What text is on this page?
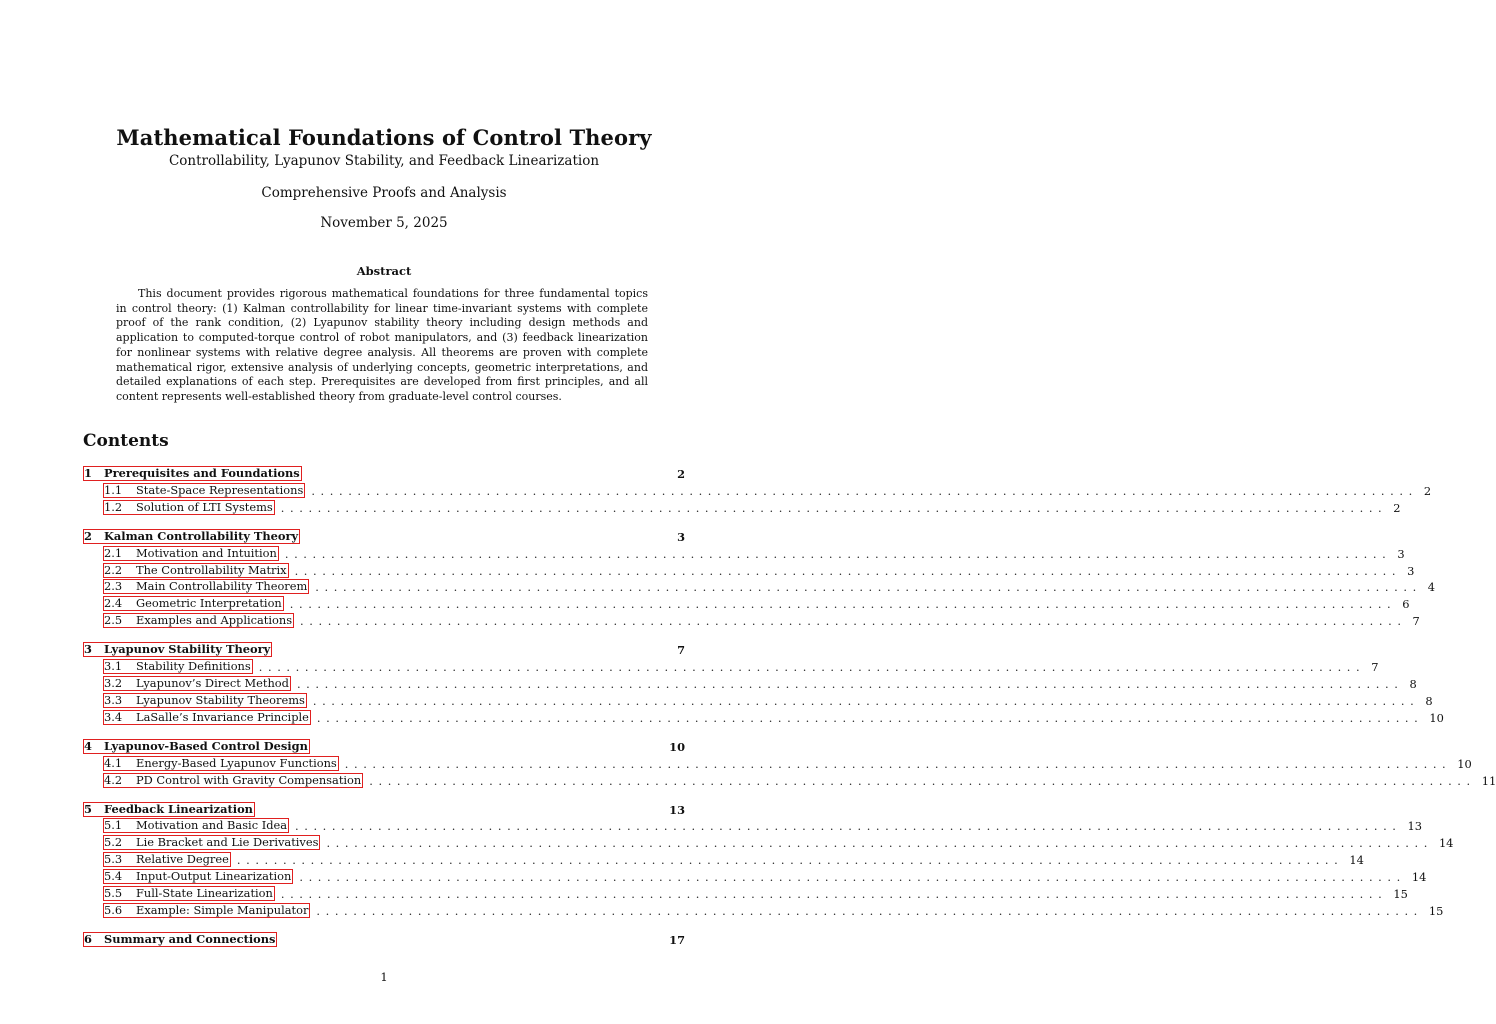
Mathematical Foundations of Control Theory

Controllability, Lyapunov Stability, and Feedback Linearization

Comprehensive Proofs and Analysis
November 5, 2025
Abstract
This document provides rigorous mathematical foundations for three fundamental topics in control theory: (1) Kalman controllability for linear time-invariant systems with complete proof of the rank condition, (2) Lyapunov stability theory including design methods and application to computed-torque control of robot manipulators, and (3) feedback linearization for nonlinear systems with relative degree analysis. All theorems are proven with complete mathematical rigor, extensive analysis of underlying concepts, geometric interpretations, and detailed explanations of each step. Prerequisites are developed from first principles, and all content represents well-established theory from graduate-level control courses.
Contents
1	Prerequisites and Foundations	2
1.1	State-Space Representations ........................................................................................................................ 2
1.2	Solution of LTI Systems ........................................................................................................................ 2
2	Kalman Controllability Theory	3
2.1	Motivation and Intuition ........................................................................................................................ 3
2.2	The Controllability Matrix ........................................................................................................................ 3
2.3	Main Controllability Theorem ........................................................................................................................ 4
2.4	Geometric Interpretation ........................................................................................................................ 6
2.5	Examples and Applications ........................................................................................................................ 7
3	Lyapunov Stability Theory	7
3.1	Stability Definitions ........................................................................................................................ 7
3.2	Lyapunov’s Direct Method ........................................................................................................................ 8
3.3	Lyapunov Stability Theorems ........................................................................................................................ 8
3.4	LaSalle’s Invariance Principle ........................................................................................................................ 10
4	Lyapunov-Based Control Design	10
4.1	Energy-Based Lyapunov Functions ........................................................................................................................ 10
4.2	PD Control with Gravity Compensation ........................................................................................................................ 11
5	Feedback Linearization	13
5.1	Motivation and Basic Idea ........................................................................................................................ 13
5.2	Lie Bracket and Lie Derivatives ........................................................................................................................ 14
5.3	Relative Degree ........................................................................................................................ 14
5.4	Input-Output Linearization ........................................................................................................................ 14
5.5	Full-State Linearization ........................................................................................................................ 15
5.6	Example: Simple Manipulator ........................................................................................................................ 15
6	Summary and Connections	17
1
